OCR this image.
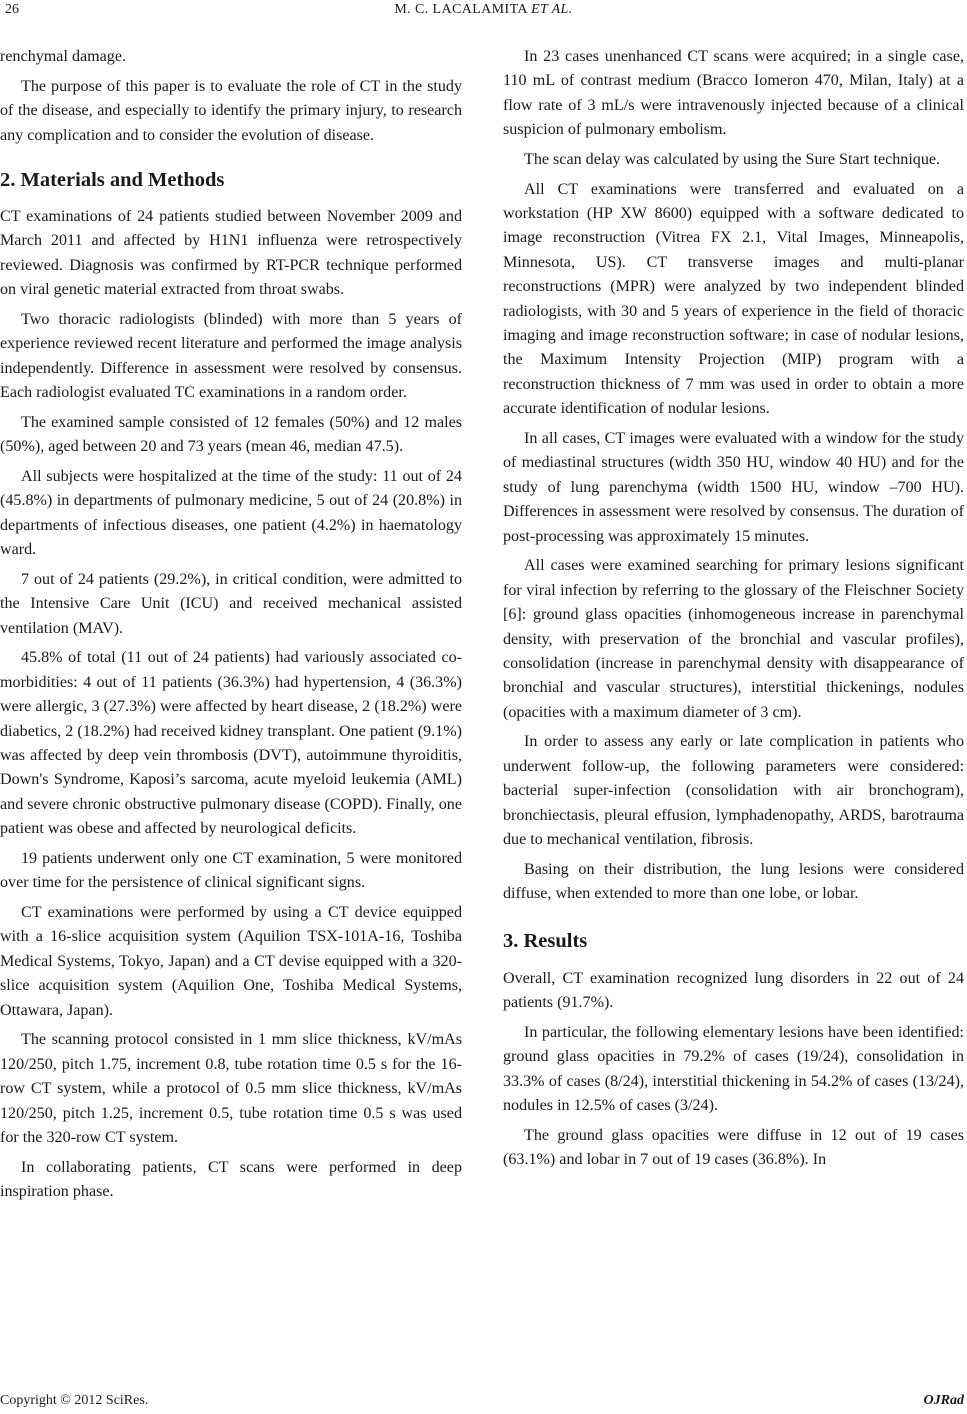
26	M. C. LACALAMITA ET AL.

renchymal damage.

The purpose of this paper is to evaluate the role of CT in the study of the disease, and especially to identify the primary injury, to research any complication and to consider the evolution of disease.

2. Materials and Methods

CT examinations of 24 patients studied between November 2009 and March 2011 and affected by H1N1 influenza were retrospectively reviewed. Diagnosis was confirmed by RT-PCR technique performed on viral genetic material extracted from throat swabs.

Two thoracic radiologists (blinded) with more than 5 years of experience reviewed recent literature and performed the image analysis independently. Difference in assessment were resolved by consensus. Each radiologist evaluated TC examinations in a random order.

The examined sample consisted of 12 females (50%) and 12 males (50%), aged between 20 and 73 years (mean 46, median 47.5).

All subjects were hospitalized at the time of the study: 11 out of 24 (45.8%) in departments of pulmonary medicine, 5 out of 24 (20.8%) in departments of infectious diseases, one patient (4.2%) in haematology ward.

7 out of 24 patients (29.2%), in critical condition, were admitted to the Intensive Care Unit (ICU) and received mechanical assisted ventilation (MAV).

45.8% of total (11 out of 24 patients) had variously associated co-morbidities: 4 out of 11 patients (36.3%) had hypertension, 4 (36.3%) were allergic, 3 (27.3%) were affected by heart disease, 2 (18.2%) were diabetics, 2 (18.2%) had received kidney transplant. One patient (9.1%) was affected by deep vein thrombosis (DVT), autoimmune thyroiditis, Down's Syndrome, Kaposi’s sarcoma, acute myeloid leukemia (AML) and severe chronic obstructive pulmonary disease (COPD). Finally, one patient was obese and affected by neurological deficits.

19 patients underwent only one CT examination, 5 were monitored over time for the persistence of clinical significant signs.

CT examinations were performed by using a CT device equipped with a 16-slice acquisition system (Aquilion TSX-101A-16, Toshiba Medical Systems, Tokyo, Japan) and a CT devise equipped with a 320-slice acquisition system (Aquilion One, Toshiba Medical Systems, Ottawara, Japan).

The scanning protocol consisted in 1 mm slice thickness, kV/mAs 120/250, pitch 1.75, increment 0.8, tube rotation time 0.5 s for the 16-row CT system, while a protocol of 0.5 mm slice thickness, kV/mAs 120/250, pitch 1.25, increment 0.5, tube rotation time 0.5 s was used for the 320-row CT system.

In collaborating patients, CT scans were performed in deep inspiration phase.

In 23 cases unenhanced CT scans were acquired; in a single case, 110 mL of contrast medium (Bracco Iomeron 470, Milan, Italy) at a flow rate of 3 mL/s were intravenously injected because of a clinical suspicion of pulmonary embolism.

The scan delay was calculated by using the Sure Start technique.

All CT examinations were transferred and evaluated on a workstation (HP XW 8600) equipped with a software dedicated to image reconstruction (Vitrea FX 2.1, Vital Images, Minneapolis, Minnesota, US). CT transverse images and multi-planar reconstructions (MPR) were analyzed by two independent blinded radiologists, with 30 and 5 years of experience in the field of thoracic imaging and image reconstruction software; in case of nodular lesions, the Maximum Intensity Projection (MIP) program with a reconstruction thickness of 7 mm was used in order to obtain a more accurate identification of nodular lesions.

In all cases, CT images were evaluated with a window for the study of mediastinal structures (width 350 HU, window 40 HU) and for the study of lung parenchyma (width 1500 HU, window –700 HU). Differences in assessment were resolved by consensus. The duration of post-processing was approximately 15 minutes.

All cases were examined searching for primary lesions significant for viral infection by referring to the glossary of the Fleischner Society [6]: ground glass opacities (inhomogeneous increase in parenchymal density, with preservation of the bronchial and vascular profiles), consolidation (increase in parenchymal density with disappearance of bronchial and vascular structures), interstitial thickenings, nodules (opacities with a maximum diameter of 3 cm).

In order to assess any early or late complication in patients who underwent follow-up, the following parameters were considered: bacterial super-infection (consolidation with air bronchogram), bronchiectasis, pleural effusion, lymphadenopathy, ARDS, barotrauma due to mechanical ventilation, fibrosis.

Basing on their distribution, the lung lesions were considered diffuse, when extended to more than one lobe, or lobar.

3. Results

Overall, CT examination recognized lung disorders in 22 out of 24 patients (91.7%).

In particular, the following elementary lesions have been identified: ground glass opacities in 79.2% of cases (19/24), consolidation in 33.3% of cases (8/24), interstitial thickening in 54.2% of cases (13/24), nodules in 12.5% of cases (3/24).

The ground glass opacities were diffuse in 12 out of 19 cases (63.1%) and lobar in 7 out of 19 cases (36.8%). In

Copyright © 2012 SciRes.	OJRad
